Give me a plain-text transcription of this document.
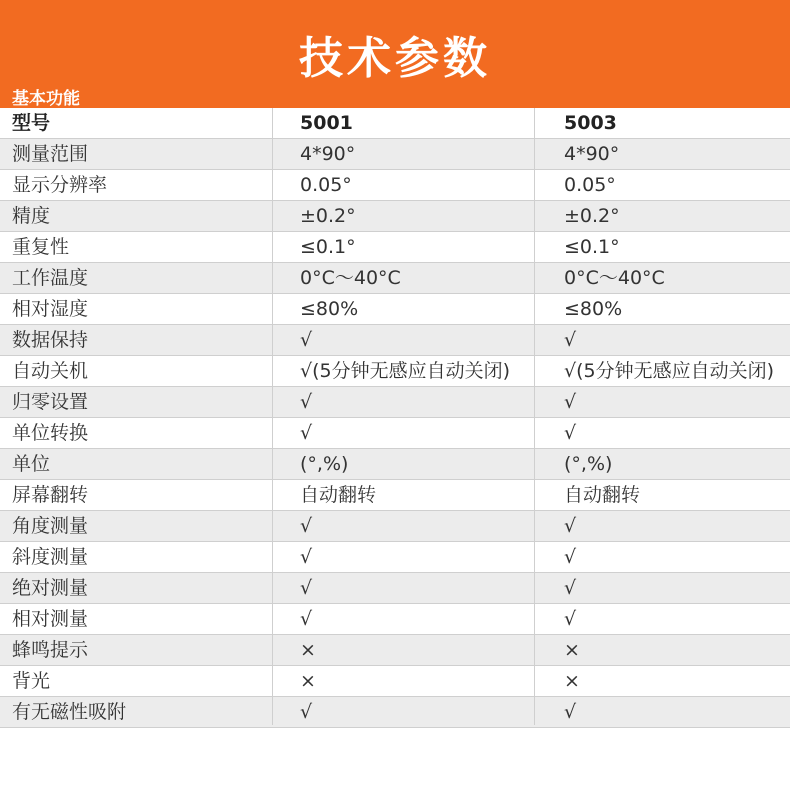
技术参数
基本功能
型号	5001	5003
测量范围	4*90°	4*90°
显示分辨率	0.05°	0.05°
精度	±0.2°	±0.2°
重复性	≤0.1°	≤0.1°
工作温度	0°C～40°C	0°C～40°C
相对湿度	≤80%	≤80%
数据保持	√	√
自动关机	√(5分钟无感应自动关闭)	√(5分钟无感应自动关闭)
归零设置	√	√
单位转换	√	√
单位	(°,%)	(°,%)
屏幕翻转	自动翻转	自动翻转
角度测量	√	√
斜度测量	√	√
绝对测量	√	√
相对测量	√	√
蜂鸣提示	×	×
背光	×	×
有无磁性吸附	√	√
